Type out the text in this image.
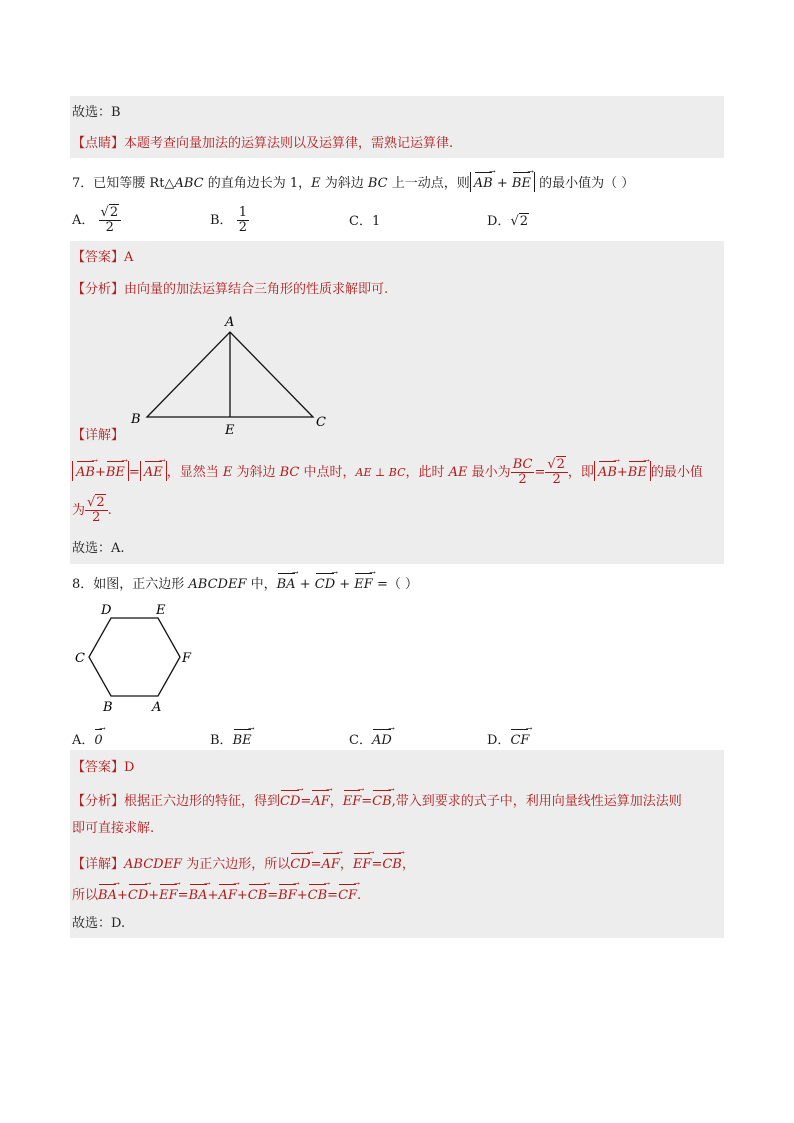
故选：B
【点睛】本题考查向量加法的运算法则以及运算律，需熟记运算律.
7．已知等腰 Rt△ABC 的直角边长为 1，E 为斜边 BC 上一动点，则 AB → + BE → 的最小值为（ ）
A． $\frac{√2}{2}$	B． $\frac{1}{2}$	C．1	D．√2
【答案】A
【分析】由向量的加法运算结合三角形的性质求解即可.
A
B	C
E
【详解】
AB →+BE → = AE → ，显然当 E 为斜边 BC 中点时，AE ⊥ BC，此时 AE 最小为 $\frac{BC}{2} = \frac{√2}{2}$ ，即 AB →+BE → 的最小值
为 $\frac{√2}{2}$ .
故选：A.
8．如图，正六边形 ABCDEF 中，BA → + CD → + EF → =（ ）
D	E
C	F
B	A
A．0 →	B．BE →	C．AD →	D．CF →
【答案】D
【分析】根据正六边形的特征，得到CD →=AF →，EF →=CB →,带入到要求的式子中，利用向量线性运算加法法则
即可直接求解.
【详解】ABCDEF 为正六边形，所以CD →=AF →，EF →=CB →，
所以BA →+CD →+EF →=BA →+AF →+CB →=BF →+CB →=CF →.
故选：D.
